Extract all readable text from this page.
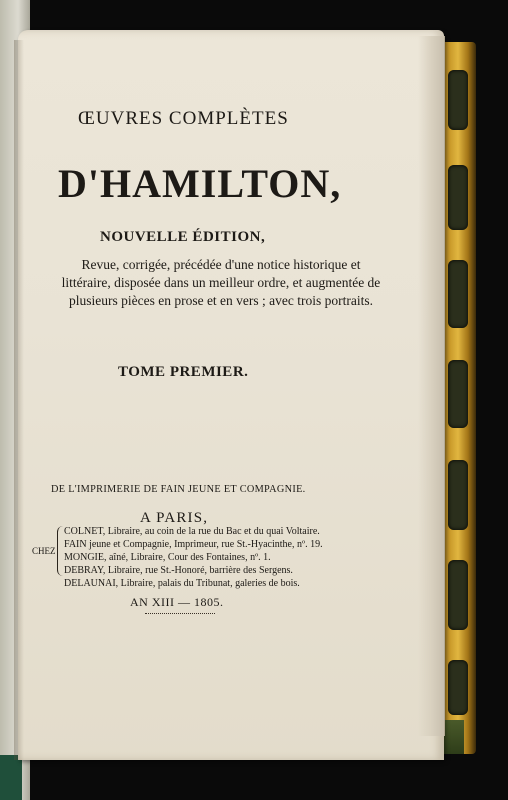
ŒUVRES COMPLÈTES
D'HAMILTON,
NOUVELLE ÉDITION,
Revue, corrigée, précédée d'une notice historique et littéraire, disposée dans un meilleur ordre, et augmentée de plusieurs pièces en prose et en vers ; avec trois portraits.
TOME PREMIER.
DE L'IMPRIMERIE DE FAIN JEUNE ET COMPAGNIE.
A PARIS,
CHEZ
COLNET, Libraire, au coin de la rue du Bac et du quai Voltaire.
FAIN jeune et Compagnie, Imprimeur, rue St.-Hyacinthe, nº. 19.
MONGIE, aîné, Libraire, Cour des Fontaines, nº. 1.
DEBRAY, Libraire, rue St.-Honoré, barrière des Sergens.
DELAUNAI, Libraire, palais du Tribunat, galeries de bois.
AN XIII — 1805.
